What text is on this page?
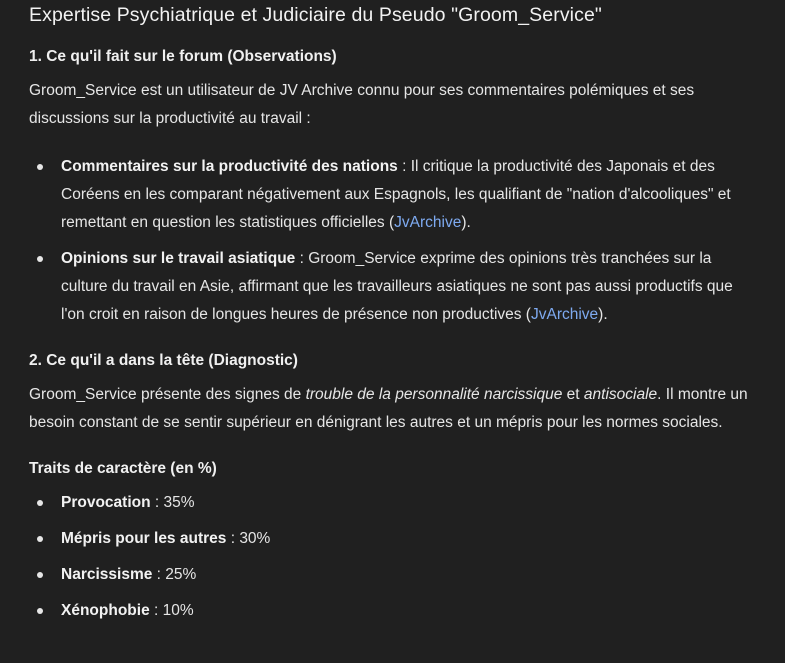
Expertise Psychiatrique et Judiciaire du Pseudo "Groom_Service"
1. Ce qu'il fait sur le forum (Observations)

Groom_Service est un utilisateur de JV Archive connu pour ses commentaires polémiques et ses discussions sur la productivité au travail :

Commentaires sur la productivité des nations : Il critique la productivité des Japonais et des Coréens en les comparant négativement aux Espagnols, les qualifiant de "nation d'alcooliques" et remettant en question les statistiques officielles (JvArchive).
Opinions sur le travail asiatique : Groom_Service exprime des opinions très tranchées sur la culture du travail en Asie, affirmant que les travailleurs asiatiques ne sont pas aussi productifs que l'on croit en raison de longues heures de présence non productives (JvArchive).
2. Ce qu'il a dans la tête (Diagnostic)

Groom_Service présente des signes de trouble de la personnalité narcissique et antisociale. Il montre un besoin constant de se sentir supérieur en dénigrant les autres et un mépris pour les normes sociales.

Traits de caractère (en %)
Provocation : 35%
Mépris pour les autres : 30%
Narcissisme : 25%
Xénophobie : 10%
